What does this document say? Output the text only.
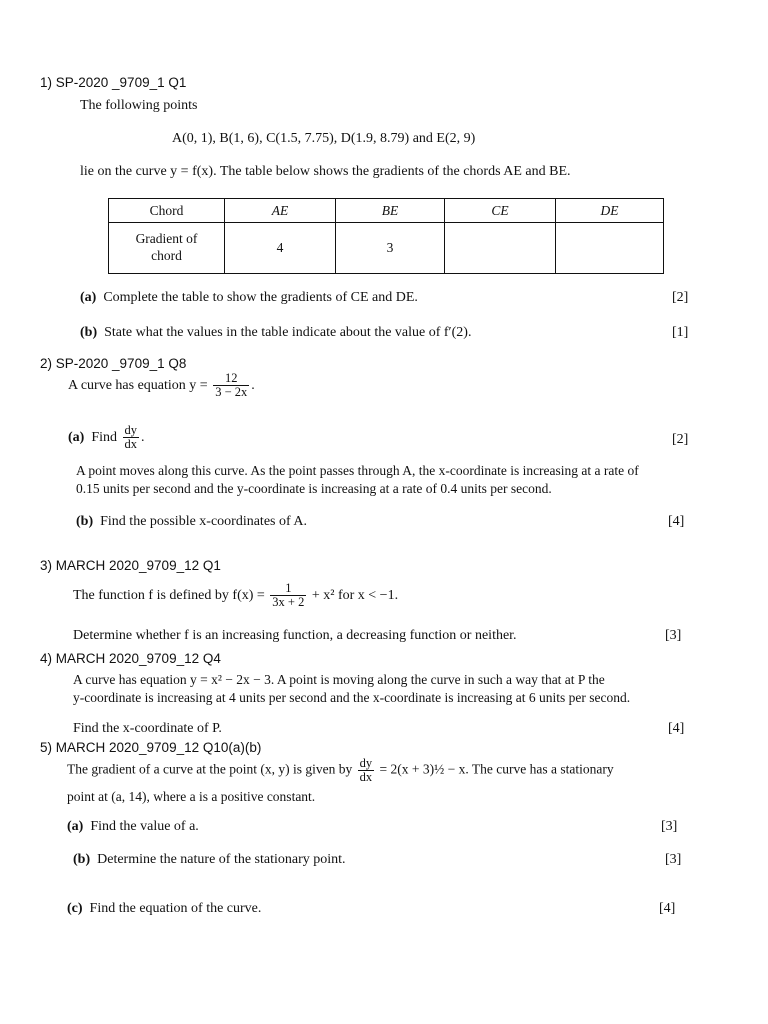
1) SP-2020 _9709_1 Q1
The following points
A(0, 1), B(1, 6), C(1.5, 7.75), D(1.9, 8.79) and E(2, 9)
lie on the curve y = f(x). The table below shows the gradients of the chords AE and BE.
Chord	AE	BE	CE	DE

Gradient of chord	4	3		
(a) Complete the table to show the gradients of CE and DE.	[2]
(b) State what the values in the table indicate about the value of f′(2).	[1]
2) SP-2020 _9709_1 Q8
A curve has equation $y = \frac{12}{3 - 2x}$ .
(a) Find $\frac{dy}{dx}$ .	[2]
A point moves along this curve. As the point passes through A, the x-coordinate is increasing at a rate of
0.15 units per second and the y-coordinate is increasing at a rate of 0.4 units per second.
(b) Find the possible x-coordinates of A.	[4]
3) MARCH 2020_9709_12 Q1
The function f is defined by $f(x) = \frac{1}{3x + 2} + x^2$ for x < −1.
Determine whether f is an increasing function, a decreasing function or neither.	[3]
4) MARCH 2020_9709_12 Q4
A curve has equation y = x² − 2x − 3. A point is moving along the curve in such a way that at P the
y-coordinate is increasing at 4 units per second and the x-coordinate is increasing at 6 units per second.
Find the x-coordinate of P.	[4]
5) MARCH 2020_9709_12 Q10(a)(b)
The gradient of a curve at the point (x, y) is given by $\frac{dy}{dx} = 2(x$ + 3)½ − x. The curve has a stationary
point at (a, 14), where a is a positive constant.
(a) Find the value of a.	[3]
(b) Determine the nature of the stationary point.	[3]
(c) Find the equation of the curve.	[4]
